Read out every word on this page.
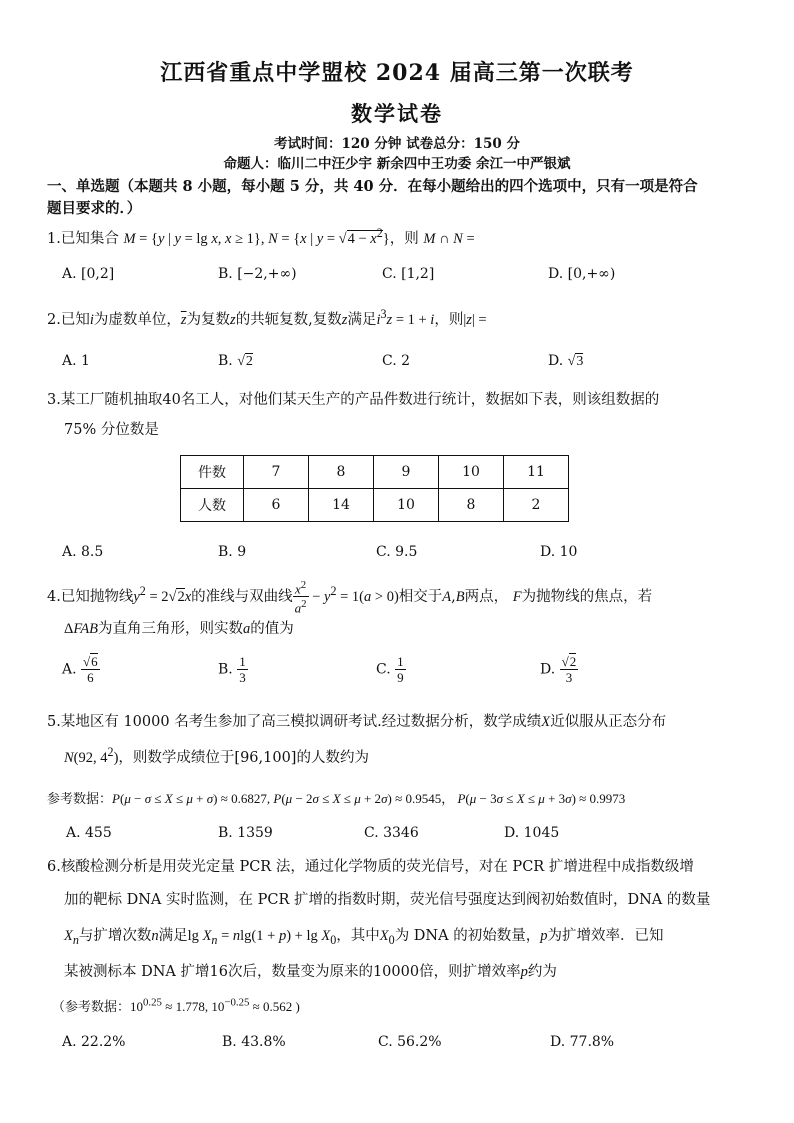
江西省重点中学盟校 2024 届高三第一次联考
数学试卷
考试时间：120 分钟 试卷总分：150 分
命题人：临川二中汪少宇 新余四中王功委 余江一中严银斌
一、单选题（本题共 8 小题，每小题 5 分，共 40 分．在每小题给出的四个选项中，只有一项是符合
题目要求的．）
1.已知集合 M = {y | y = lg x, x ≥ 1}, N = {x | $y = √4 - x^2$}，则 M ∩ N =
A. [0,2]	B. [−2,+∞)	C. [1,2]	D. [0,+∞)
2.已知i为虚数单位，$\overline{z}$为复数z的共轭复数,复数z满足$i^3z = 1 + i$，则|z| =
A. 1	B. √2	C. 2	D. √3
3.某工厂随机抽取40名工人，对他们某天生产的产品件数进行统计，数据如下表，则该组数据的
75% 分位数是
件数	7	8	9	10	11
人数	6	14	10	8	2
A. 8.5	B. 9	C. 9.5	D. 10
4.已知抛物线$y^2 = 2√2x$的准线与双曲线 $\frac{x^2}{a^2} - y^2 = 1(a > 0)$相交于A,B两点， F为抛物线的焦点，若
ΔFAB为直角三角形，则实数a的值为
A. $\frac{√6}{6}$	B. $\frac{1}{3}$	C. $\frac{1}{9}$	D. $\frac{√2}{3}$
5.某地区有 10000 名考生参加了高三模拟调研考试.经过数据分析，数学成绩X近似服从正态分布
N(92, $4^2$)，则数学成绩位于[96,100]的人数约为
参考数据：P(μ − σ ≤ X ≤ μ + σ) ≈ 0.6827, P(μ − 2σ ≤ X ≤ μ + 2σ) ≈ 0.9545， P(μ − 3σ ≤ X ≤ μ + 3σ) ≈ 0.9973
A. 455	B. 1359	C. 3346	D. 1045
6.核酸检测分析是用荧光定量 PCR 法，通过化学物质的荧光信号，对在 PCR 扩增进程中成指数级增
加的靶标 DNA 实时监测，在 PCR 扩增的指数时期，荧光信号强度达到阀初始数值时，DNA 的数量
$X_n$与扩增次数n满足$\lg X_n = nlg(1 + p) + \lg X_0$，其中$X_0$为 DNA 的初始数量，p为扩增效率．已知
某被测标本 DNA 扩增16次后，数量变为原来的10000倍，则扩增效率p约为
（参考数据：$10^{0.25} \approx 1.778$, $10^{-0.25} \approx 0.562$ )
A. 22.2%	B. 43.8%	C. 56.2%	D. 77.8%
